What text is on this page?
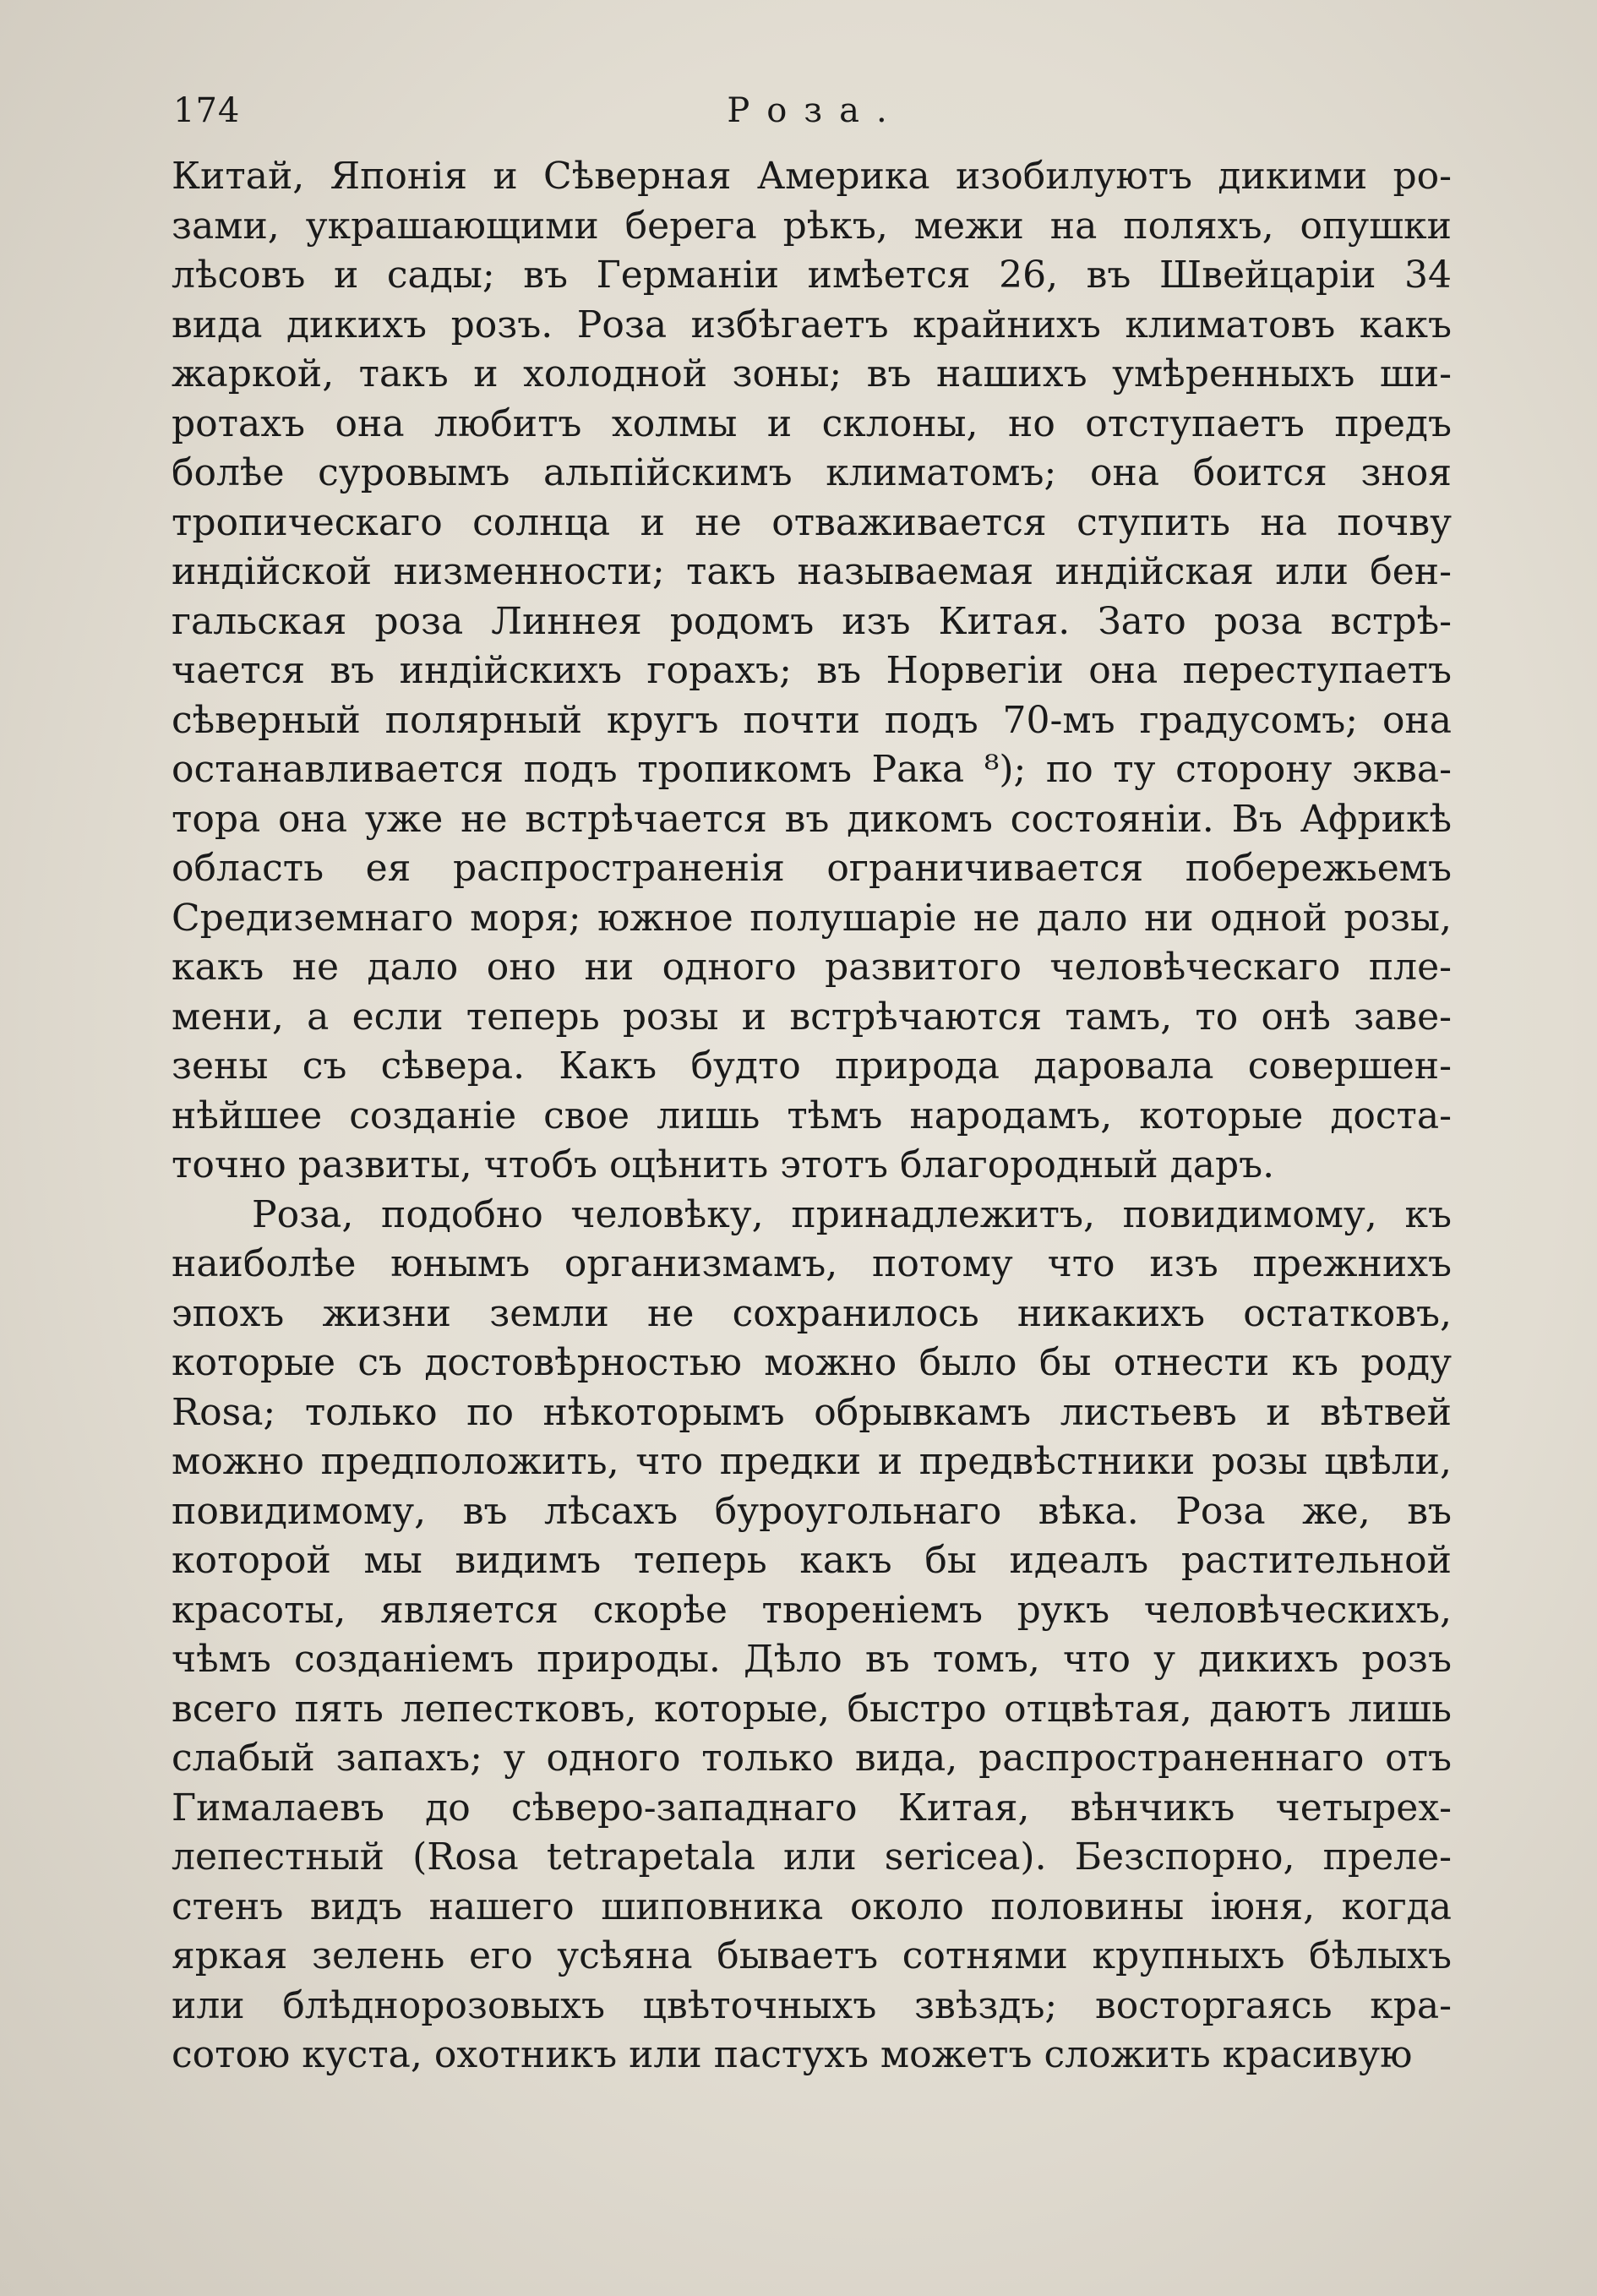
174	Роза.
Китай, Японія и Сѣверная Америка изобилуютъ дикими ро-
зами, украшающими берега рѣкъ, межи на поляхъ, опушки
лѣсовъ и сады; въ Германіи имѣется 26, въ Швейцаріи 34
вида дикихъ розъ. Роза избѣгаетъ крайнихъ климатовъ какъ
жаркой, такъ и холодной зоны; въ нашихъ умѣренныхъ ши-
ротахъ она любитъ холмы и склоны, но отступаетъ предъ
болѣе суровымъ альпійскимъ климатомъ; она боится зноя
тропическаго солнца и не отваживается ступить на почву
индійской низменности; такъ называемая индійская или бен-
гальская роза Линнея родомъ изъ Китая. Зато роза встрѣ-
чается въ индійскихъ горахъ; въ Норвегіи она переступаетъ
сѣверный полярный кругъ почти подъ 70-мъ градусомъ; она
останавливается подъ тропикомъ Рака ⁸); по ту сторону эква-
тора она уже не встрѣчается въ дикомъ состояніи. Въ Африкѣ
область ея распространенія ограничивается побережьемъ
Средиземнаго моря; южное полушаріе не дало ни одной розы,
какъ не дало оно ни одного развитого человѣческаго пле-
мени, а если теперь розы и встрѣчаются тамъ, то онѣ заве-
зены съ сѣвера. Какъ будто природа даровала совершен-
нѣйшее созданіе свое лишь тѣмъ народамъ, которые доста-
точно развиты, чтобъ оцѣнить этотъ благородный даръ.
Роза, подобно человѣку, принадлежитъ, повидимому, къ
наиболѣе юнымъ организмамъ, потому что изъ прежнихъ
эпохъ жизни земли не сохранилось никакихъ остатковъ,
которые съ достовѣрностью можно было бы отнести къ роду
Rosa; только по нѣкоторымъ обрывкамъ листьевъ и вѣтвей
можно предположить, что предки и предвѣстники розы цвѣли,
повидимому, въ лѣсахъ буроугольнаго вѣка. Роза же, въ
которой мы видимъ теперь какъ бы идеалъ растительной
красоты, является скорѣе твореніемъ рукъ человѣческихъ,
чѣмъ созданіемъ природы. Дѣло въ томъ, что у дикихъ розъ
всего пять лепестковъ, которые, быстро отцвѣтая, даютъ лишь
слабый запахъ; у одного только вида, распространеннаго отъ
Гималаевъ до сѣверо-западнаго Китая, вѣнчикъ четырех-
лепестный (Rosa tetrapetala или sericea). Безспорно, преле-
стенъ видъ нашего шиповника около половины іюня, когда
яркая зелень его усѣяна бываетъ сотнями крупныхъ бѣлыхъ
или блѣднорозовыхъ цвѣточныхъ звѣздъ; восторгаясь кра-
сотою куста, охотникъ или пастухъ можетъ сложить красивую
